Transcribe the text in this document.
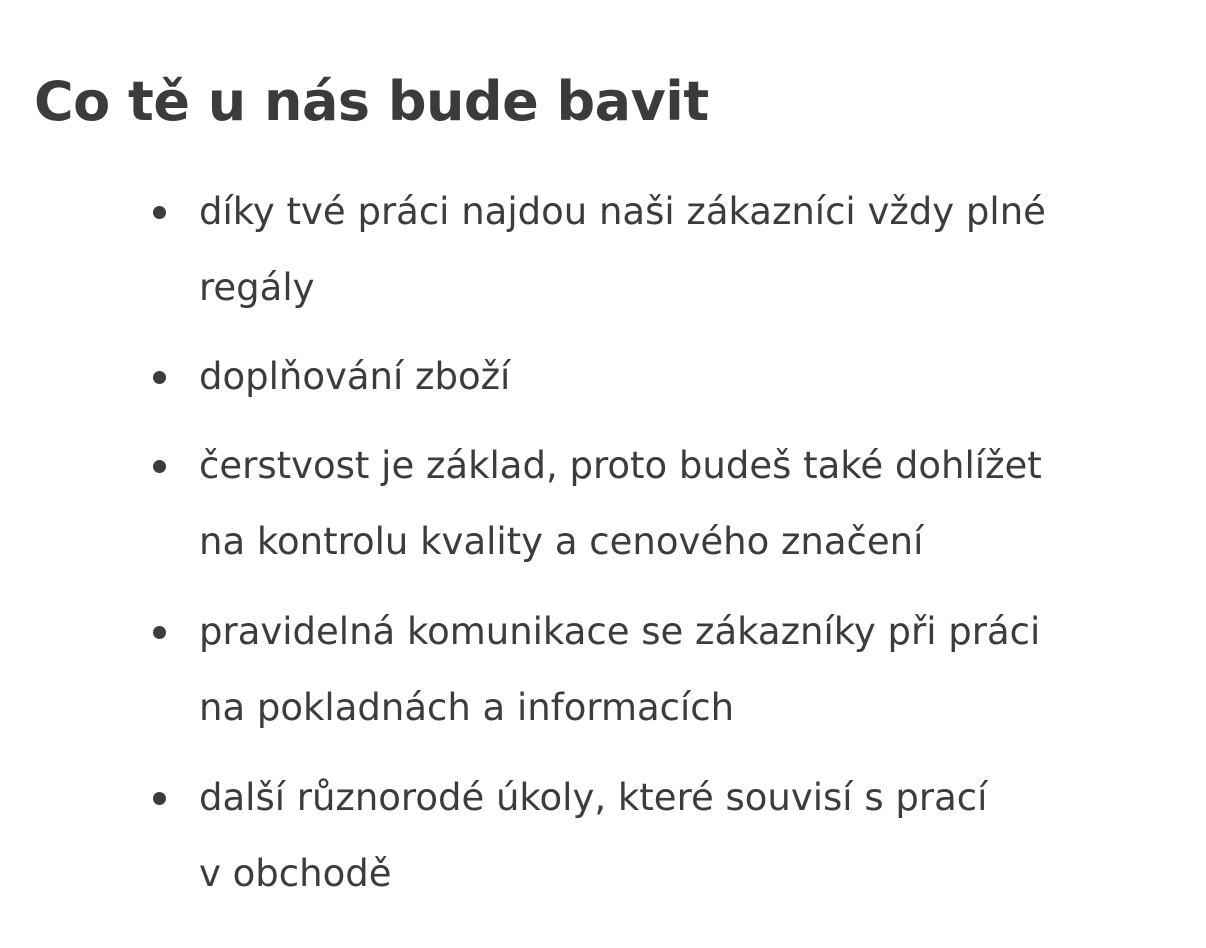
Co tě u nás bude bavit
díky tvé práci najdou naši zákazníci vždy plné
regály
doplňování zboží
čerstvost je základ, proto budeš také dohlížet
na kontrolu kvality a cenového značení
pravidelná komunikace se zákazníky při práci
na pokladnách a informacích
další různorodé úkoly, které souvisí s prací
v obchodě
